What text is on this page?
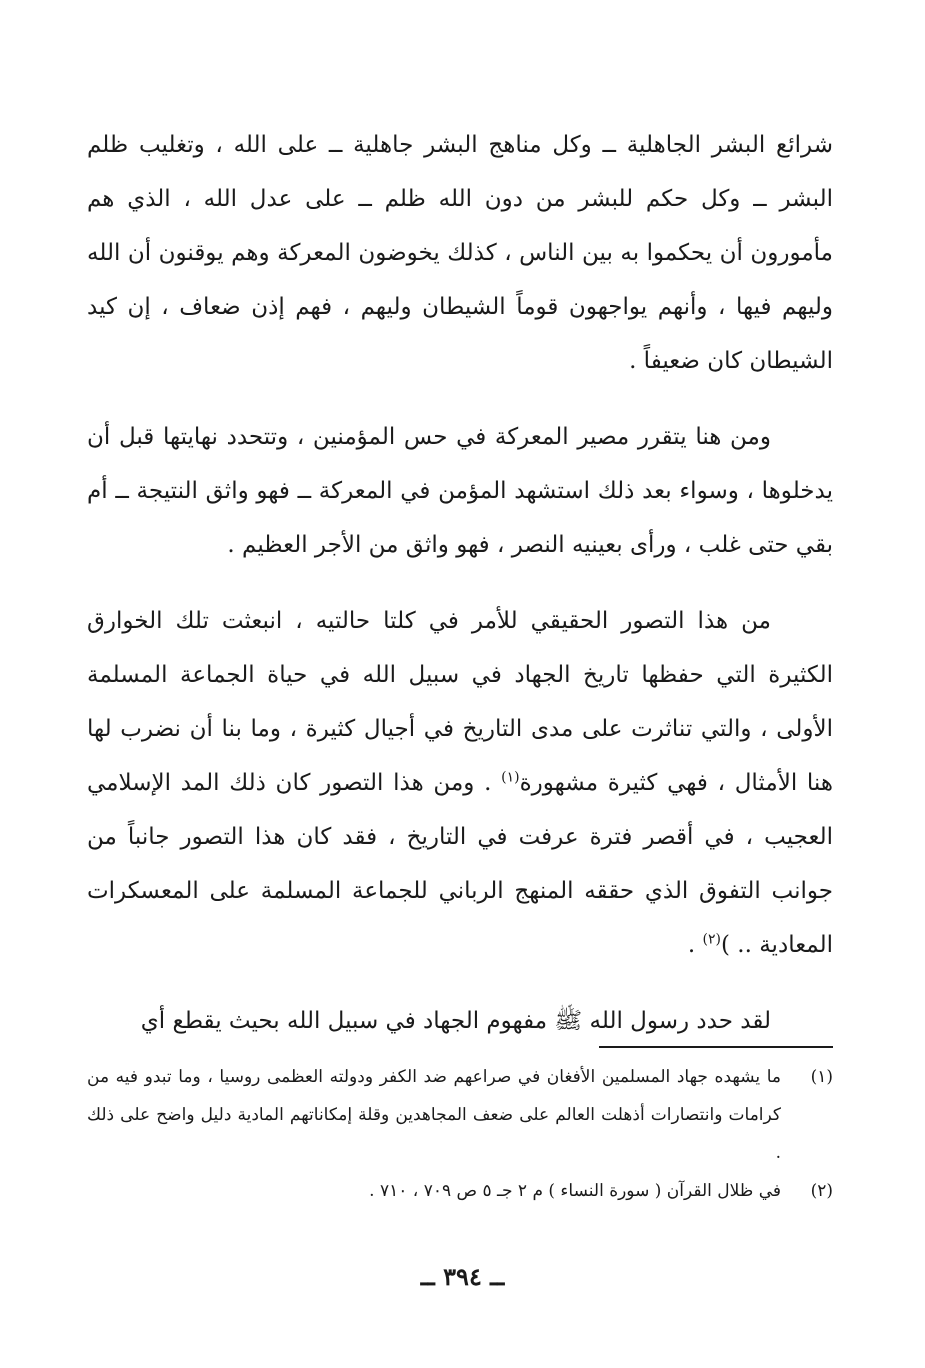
شرائع البشر الجاهلية ــ وكل مناهج البشر جاهلية ــ على الله ، وتغليب ظلم البشر ــ وكل حكم للبشر من دون الله ظلم ــ على عدل الله ، الذي هم مأمورون أن يحكموا به بين الناس ، كذلك يخوضون المعركة وهم يوقنون أن الله وليهم فيها ، وأنهم يواجهون قوماً الشيطان وليهم ، فهم إذن ضعاف ، إن كيد الشيطان كان ضعيفاً .

ومن هنا يتقرر مصير المعركة في حس المؤمنين ، وتتحدد نهايتها قبل أن يدخلوها ، وسواء بعد ذلك استشهد المؤمن في المعركة ــ فهو واثق النتيجة ــ أم بقي حتى غلب ، ورأى بعينيه النصر ، فهو واثق من الأجر العظيم .

من هذا التصور الحقيقي للأمر في كلتا حالتيه ، انبعثت تلك الخوارق الكثيرة التي حفظها تاريخ الجهاد في سبيل الله في حياة الجماعة المسلمة الأولى ، والتي تناثرت على مدى التاريخ في أجيال كثيرة ، وما بنا أن نضرب لها هنا الأمثال ، فهي كثيرة مشهورة$^{(١)}$ . ومن هذا التصور كان ذلك المد الإسلامي العجيب ، في أقصر فترة عرفت في التاريخ ، فقد كان هذا التصور جانباً من جوانب التفوق الذي حققه المنهج الرباني للجماعة المسلمة على المعسكرات المعادية .. )$^{(٢)}$ .

لقد حدد رسول الله ﷺ مفهوم الجهاد في سبيل الله بحيث يقطع أي

(١)
ما يشهده جهاد المسلمين الأفغان في صراعهم ضد الكفر ودولته العظمى روسيا ، وما تبدو فيه من كرامات وانتصارات أذهلت العالم على ضعف المجاهدين وقلة إمكاناتهم المادية دليل واضح على ذلك .

(٢)
في ظلال القرآن ( سورة النساء ) م ٢ جـ ٥ ص ٧٠٩ ، ٧١٠ .

ــ ٣٩٤ ــ
